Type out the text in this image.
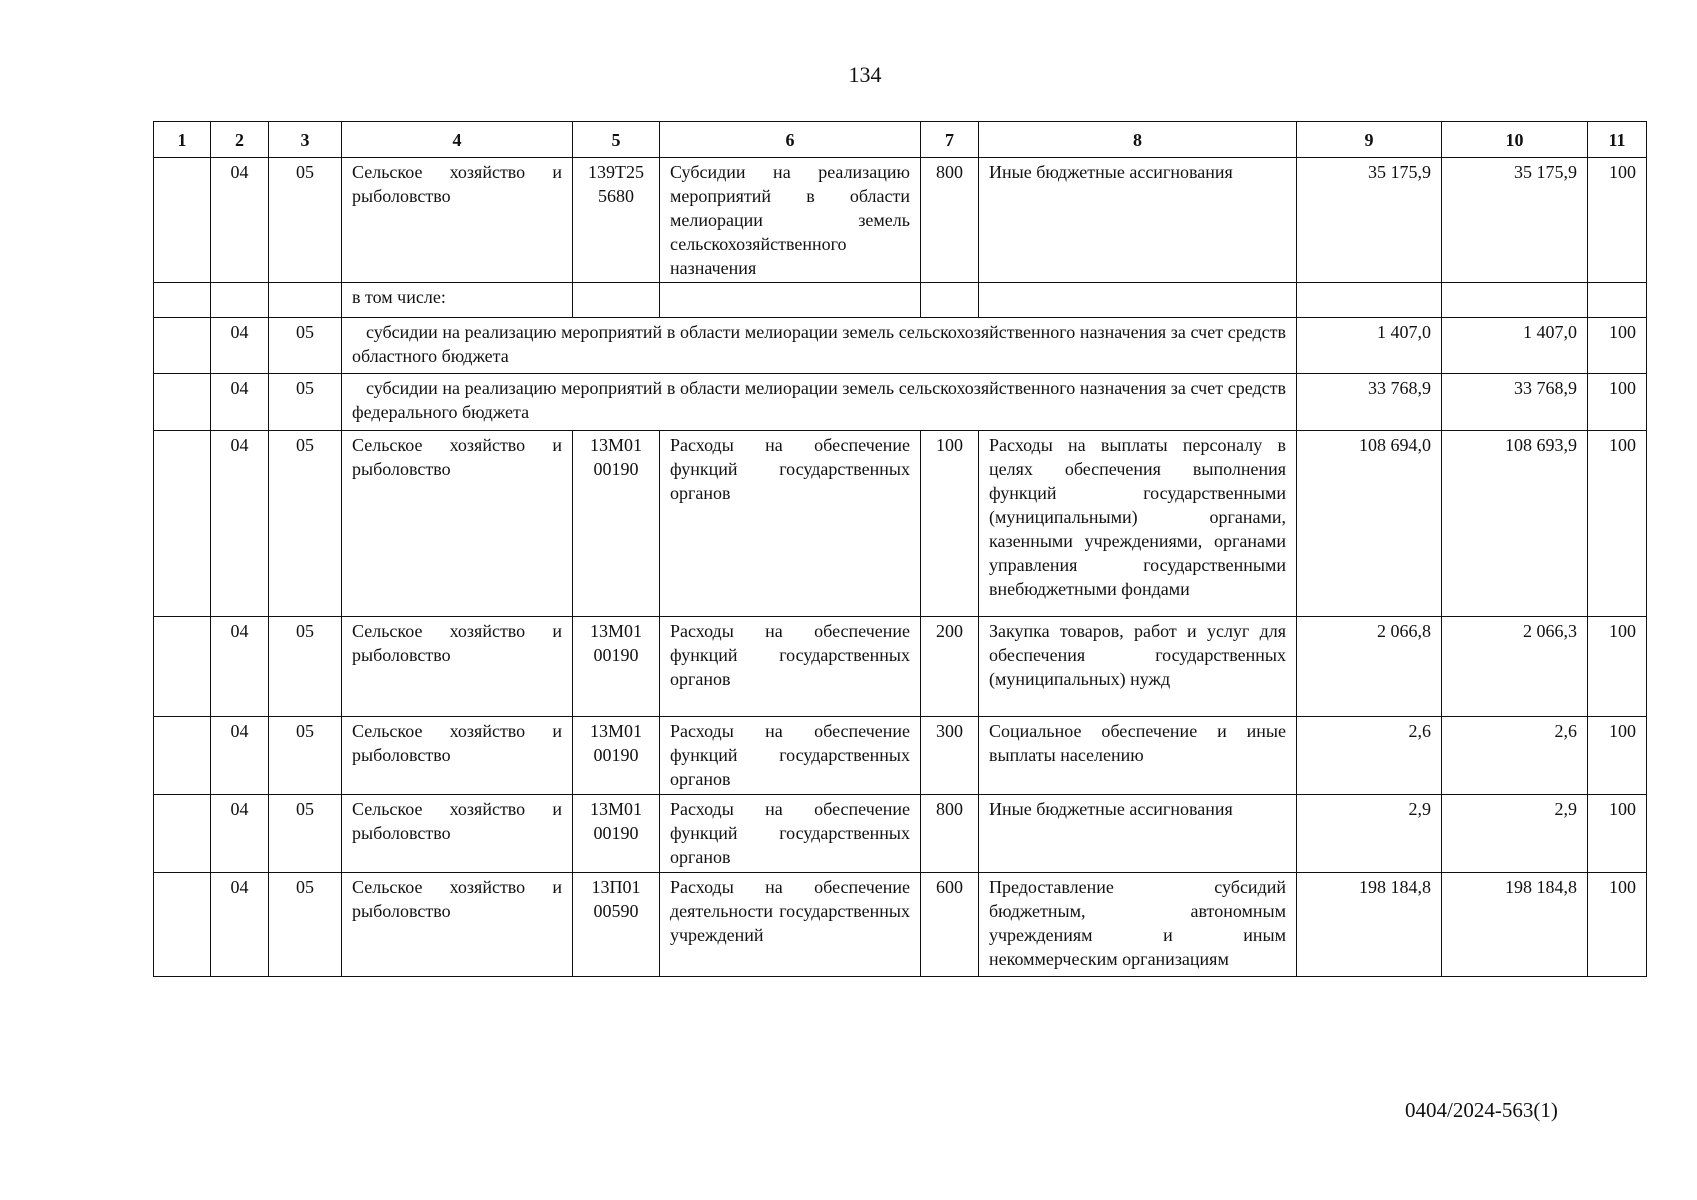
134
1	2	3	4	5	6	7	8	9	10	11
	04	05	Сельское хозяйство и рыболовство	139Т25 5680	Субсидии на реализацию мероприятий в области мелиорации земель сельскохозяйственного назначения	800	Иные бюджетные ассигнования	35 175,9	35 175,9	100
			в том числе:							
	04	05	субсидии на реализацию мероприятий в области мелиорации земель сельскохозяйственного назначения за счет средств областного бюджета					1 407,0	1 407,0	100
	04	05	субсидии на реализацию мероприятий в области мелиорации земель сельскохозяйственного назначения за счет средств федерального бюджета					33 768,9	33 768,9	100
	04	05	Сельское хозяйство и рыболовство	13М01 00190	Расходы на обеспечение функций государственных органов	100	Расходы на выплаты персоналу в целях обеспечения выполнения функций государственными (муниципальными) органами, казенными учреждениями, органами управления государственными внебюджетными фондами	108 694,0	108 693,9	100
	04	05	Сельское хозяйство и рыболовство	13М01 00190	Расходы на обеспечение функций государственных органов	200	Закупка товаров, работ и услуг для обеспечения государственных (муниципальных) нужд	2 066,8	2 066,3	100
	04	05	Сельское хозяйство и рыболовство	13М01 00190	Расходы на обеспечение функций государственных органов	300	Социальное обеспечение и иные выплаты населению	2,6	2,6	100
	04	05	Сельское хозяйство и рыболовство	13М01 00190	Расходы на обеспечение функций государственных органов	800	Иные бюджетные ассигнования	2,9	2,9	100
	04	05	Сельское хозяйство и рыболовство	13П01 00590	Расходы на обеспечение деятельности государственных учреждений	600	Предоставление субсидий бюджетным, автономным учреждениям и иным некоммерческим организациям	198 184,8	198 184,8	100
0404/2024-563(1)
